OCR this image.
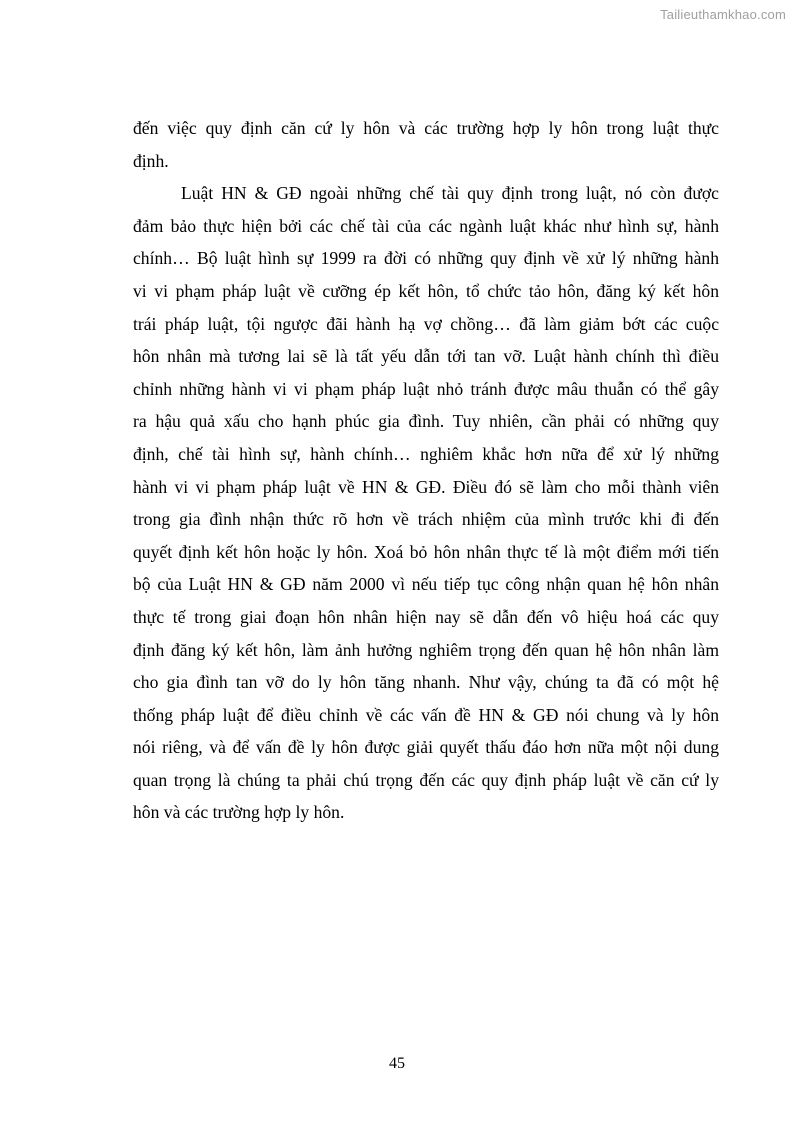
Tailieuthamkhao.com
đến việc quy định căn cứ ly hôn và các trường hợp ly hôn trong luật thực
định.
Luật HN & GĐ ngoài những chế tài quy định trong luật, nó còn được
đảm bảo thực hiện bởi các chế tài của các ngành luật khác như hình sự, hành
chính… Bộ luật hình sự 1999 ra đời có những quy định về xử lý những hành
vi vi phạm pháp luật về cưỡng ép kết hôn, tổ chức tảo hôn, đăng ký kết hôn
trái pháp luật, tội ngược đãi hành hạ vợ chồng… đã làm giảm bớt các cuộc
hôn nhân mà tương lai sẽ là tất yếu dẫn tới tan vỡ. Luật hành chính thì điều
chỉnh những hành vi vi phạm pháp luật nhỏ tránh được mâu thuẫn có thể gây
ra hậu quả xấu cho hạnh phúc gia đình. Tuy nhiên, cần phải có những quy
định, chế tài hình sự, hành chính… nghiêm khắc hơn nữa để xử lý những
hành vi vi phạm pháp luật về HN & GĐ. Điều đó sẽ làm cho mỗi thành viên
trong gia đình nhận thức rõ hơn về trách nhiệm của mình trước khi đi đến
quyết định kết hôn hoặc ly hôn. Xoá bỏ hôn nhân thực tế là một điểm mới tiến
bộ của Luật HN & GĐ năm 2000 vì nếu tiếp tục công nhận quan hệ hôn nhân
thực tế trong giai đoạn hôn nhân hiện nay sẽ dẫn đến vô hiệu hoá các quy
định đăng ký kết hôn, làm ảnh hưởng nghiêm trọng đến quan hệ hôn nhân làm
cho gia đình tan vỡ do ly hôn tăng nhanh. Như vậy, chúng ta đã có một hệ
thống pháp luật để điều chỉnh về các vấn đề HN & GĐ nói chung và ly hôn
nói riêng, và để vấn đề ly hôn được giải quyết thấu đáo hơn nữa một nội dung
quan trọng là chúng ta phải chú trọng đến các quy định pháp luật về căn cứ ly
hôn và các trường hợp ly hôn.
45
